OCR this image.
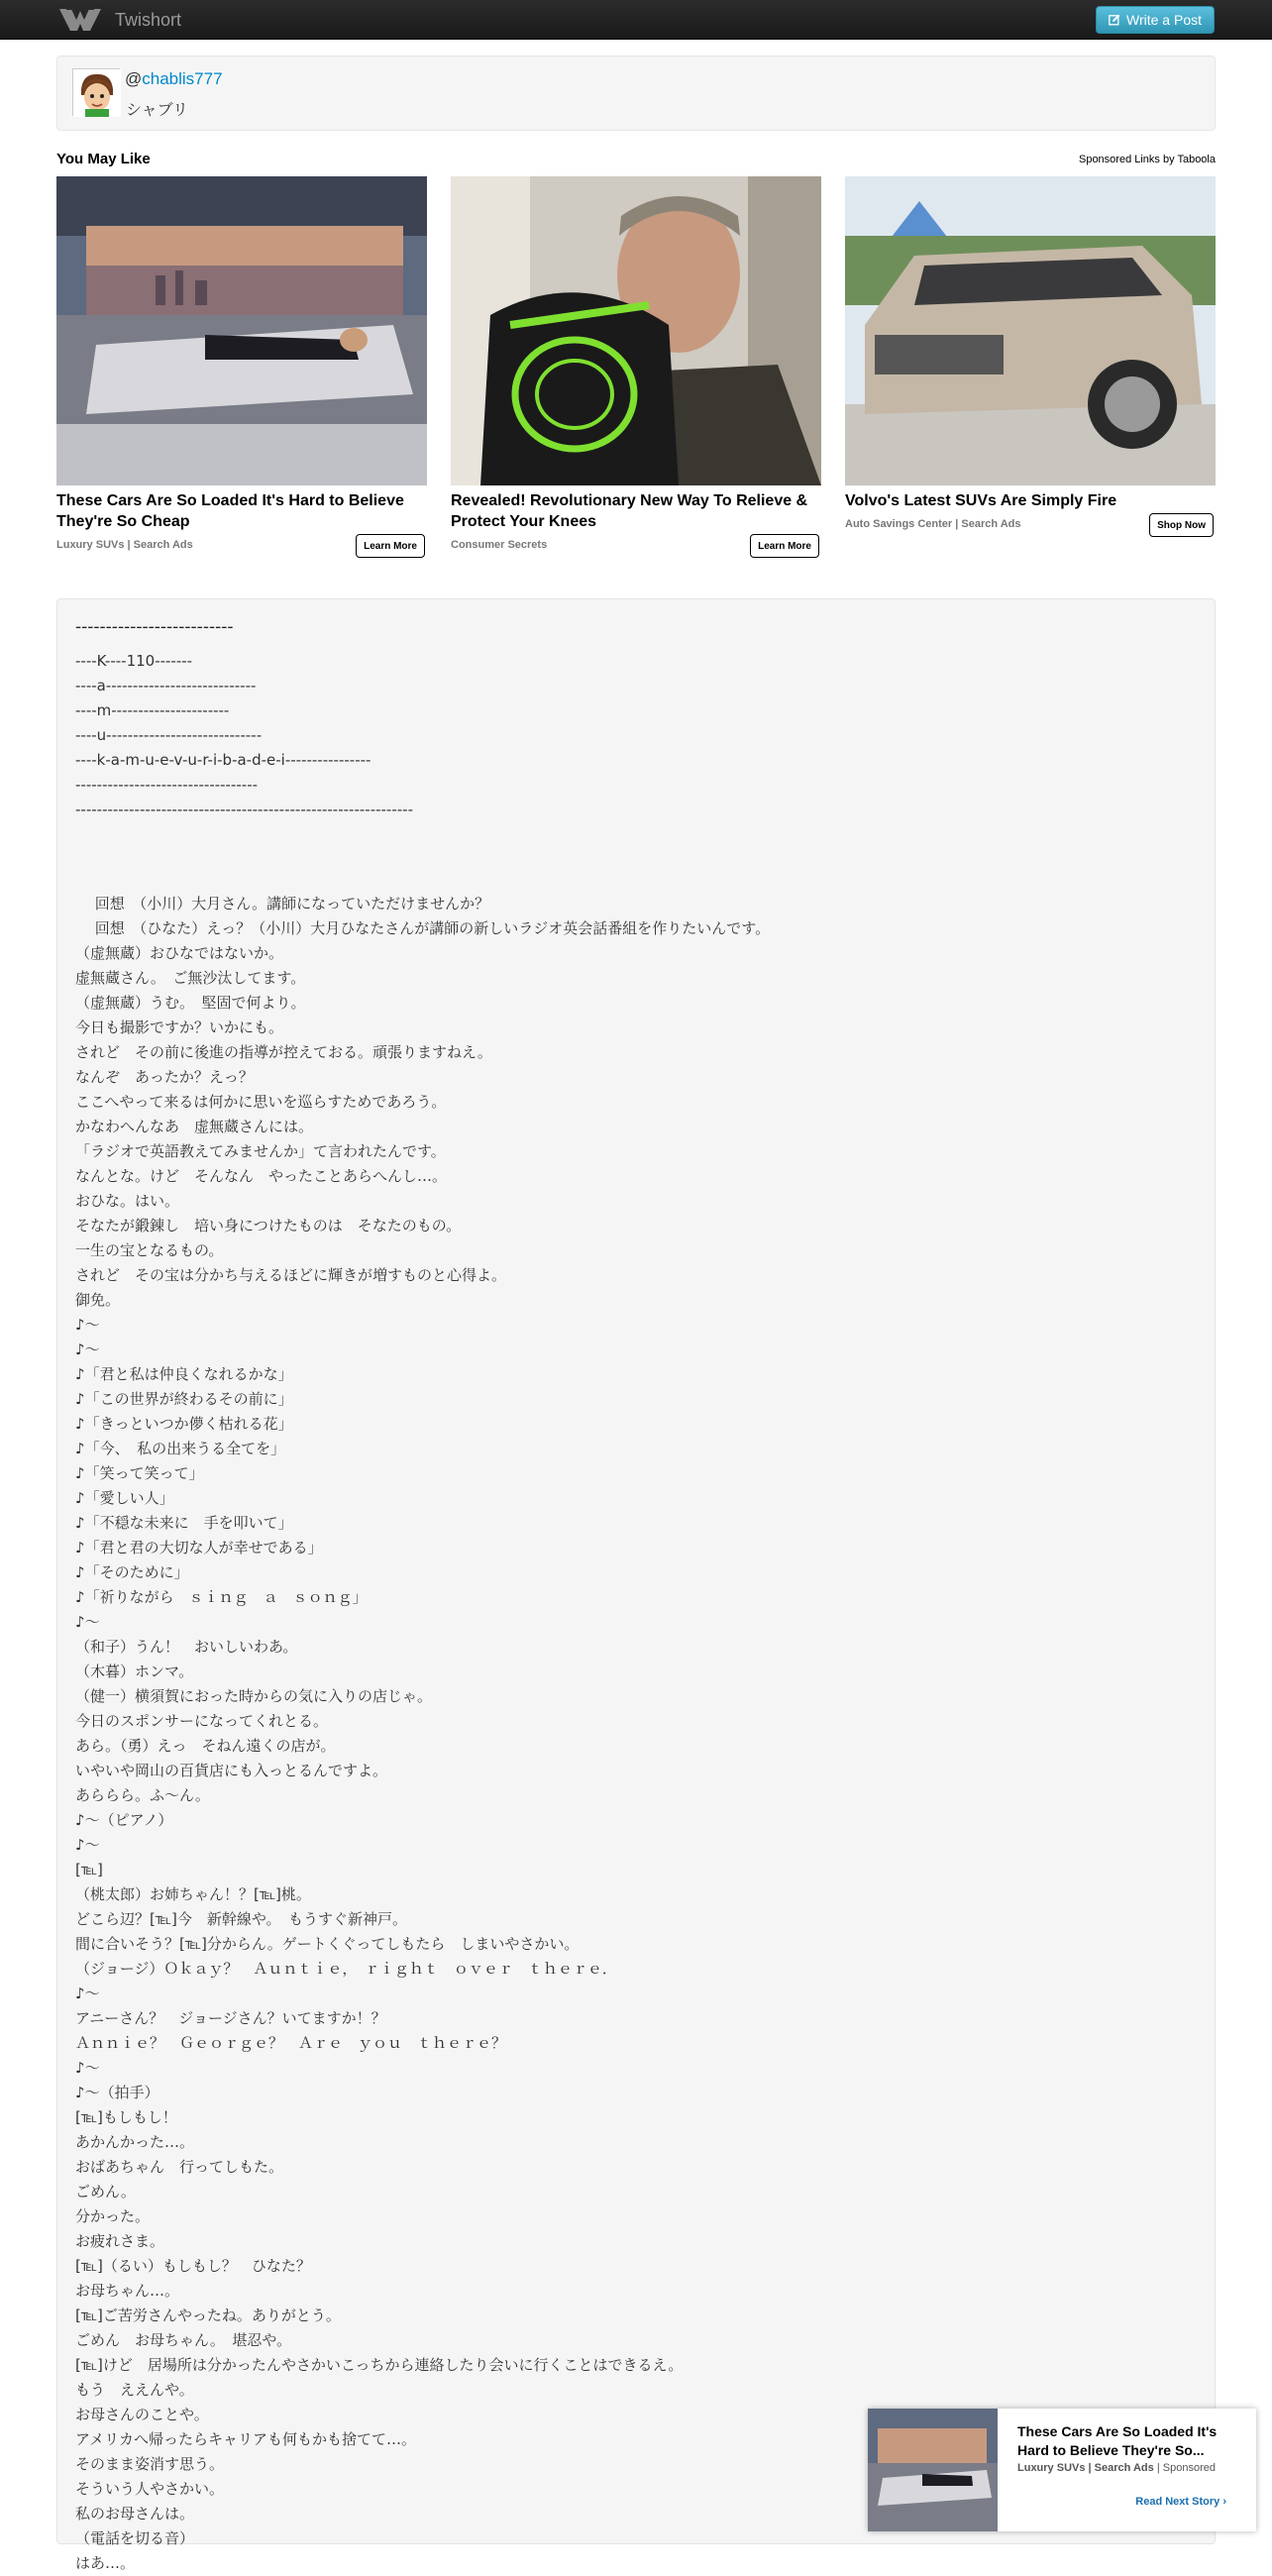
Twishort	Write a Post
@chablis777
シャブリ
You May Like	Sponsored Links by Taboola
These Cars Are So Loaded It's Hard to Believe They're So Cheap
Luxury SUVs | Search Ads	Learn More
Revealed! Revolutionary New Way To Relieve & Protect Your Knees
Consumer Secrets	Learn More
Volvo's Latest SUVs Are Simply Fire
Auto Savings Center | Search Ads	Shop Now
--------------------------
----K----110-------
----a----------------------------
----m----------------------
----u-----------------------------
----k-a-m-u-e-v-u-r-i-b-a-d-e-i----------------
----------------------------------
---------------------------------------------------------------
　 回想　（小川）大月さん。講師になっていただけませんか？
　 回想　（ひなた）えっ？（小川）大月ひなたさんが講師の新しいラジオ英会話番組を作りたいんです。
（虚無蔵）おひなではないか。
虚無蔵さん。　ご無沙汰してます。
（虚無蔵）うむ。　堅固で何より。
今日も撮影ですか？いかにも。
されど　その前に後進の指導が控えておる。頑張りますねえ。
なんぞ　あったか？えっ？
ここへやって来るは何かに思いを巡らすためであろう。
かなわへんなあ　虚無蔵さんには。
「ラジオで英語教えてみませんか」て言われたんです。
なんとな。けど　そんなん　やったことあらへんし…。
おひな。はい。
そなたが鍛錬し　培い身につけたものは　そなたのもの。
一生の宝となるもの。
されど　その宝は分かち与えるほどに輝きが増すものと心得よ。
御免。
♪～
♪～
♪「君と私は仲良くなれるかな」
♪「この世界が終わるその前に」
♪「きっといつか儚く枯れる花」
♪「今、　私の出来うる全てを」
♪「笑って笑って」
♪「愛しい人」
♪「不穏な未来に　手を叩いて」
♪「君と君の大切な人が幸せである」
♪「そのために」
♪「祈りながら　ｓｉｎｇ　ａ　ｓｏｎｇ」
♪～
（和子）うん！　おいしいわあ。
（木暮）ホンマ。
（健一）横須賀におった時からの気に入りの店じゃ。
今日のスポンサーになってくれとる。
あら。（勇）えっ　そねん遠くの店が。
いやいや岡山の百貨店にも入っとるんですよ。
あららら。ふ～ん。
♪～（ピアノ）
♪～
[℡]
（桃太郎）お姉ちゃん！？[℡]桃。
どこら辺？[℡]今　新幹線や。　もうすぐ新神戸。
間に合いそう？[℡]分からん。ゲートくぐってしもたら　しまいやさかい。
（ジョージ）Ｏｋａｙ？　Ａｕｎｔｉｅ，　ｒｉｇｈｔ　ｏｖｅｒ　ｔｈｅｒｅ．
♪～
アニーさん？　ジョージさん？いてますか！？
Ａｎｎｉｅ？　Ｇｅｏｒｇｅ？　Ａｒｅ　ｙｏｕ　ｔｈｅｒｅ？
♪～
♪～（拍手）
[℡]もしもし！
あかんかった…。
おばあちゃん　行ってしもた。
ごめん。
分かった。
お疲れさま。
[℡]（るい）もしもし？　ひなた？
お母ちゃん…。
[℡]ご苦労さんやったね。ありがとう。
ごめん　お母ちゃん。　堪忍や。
[℡]けど　居場所は分かったんやさかいこっちから連絡したり会いに行くことはできるえ。
もう　ええんや。
お母さんのことや。
アメリカへ帰ったらキャリアも何もかも捨てて…。
そのまま姿消す思う。
そういう人やさかい。
私のお母さんは。
（電話を切る音）
はあ…。
These Cars Are So Loaded It's Hard to Believe They're So...
Luxury SUVs | Search Ads | Sponsored
Read Next Story ›
